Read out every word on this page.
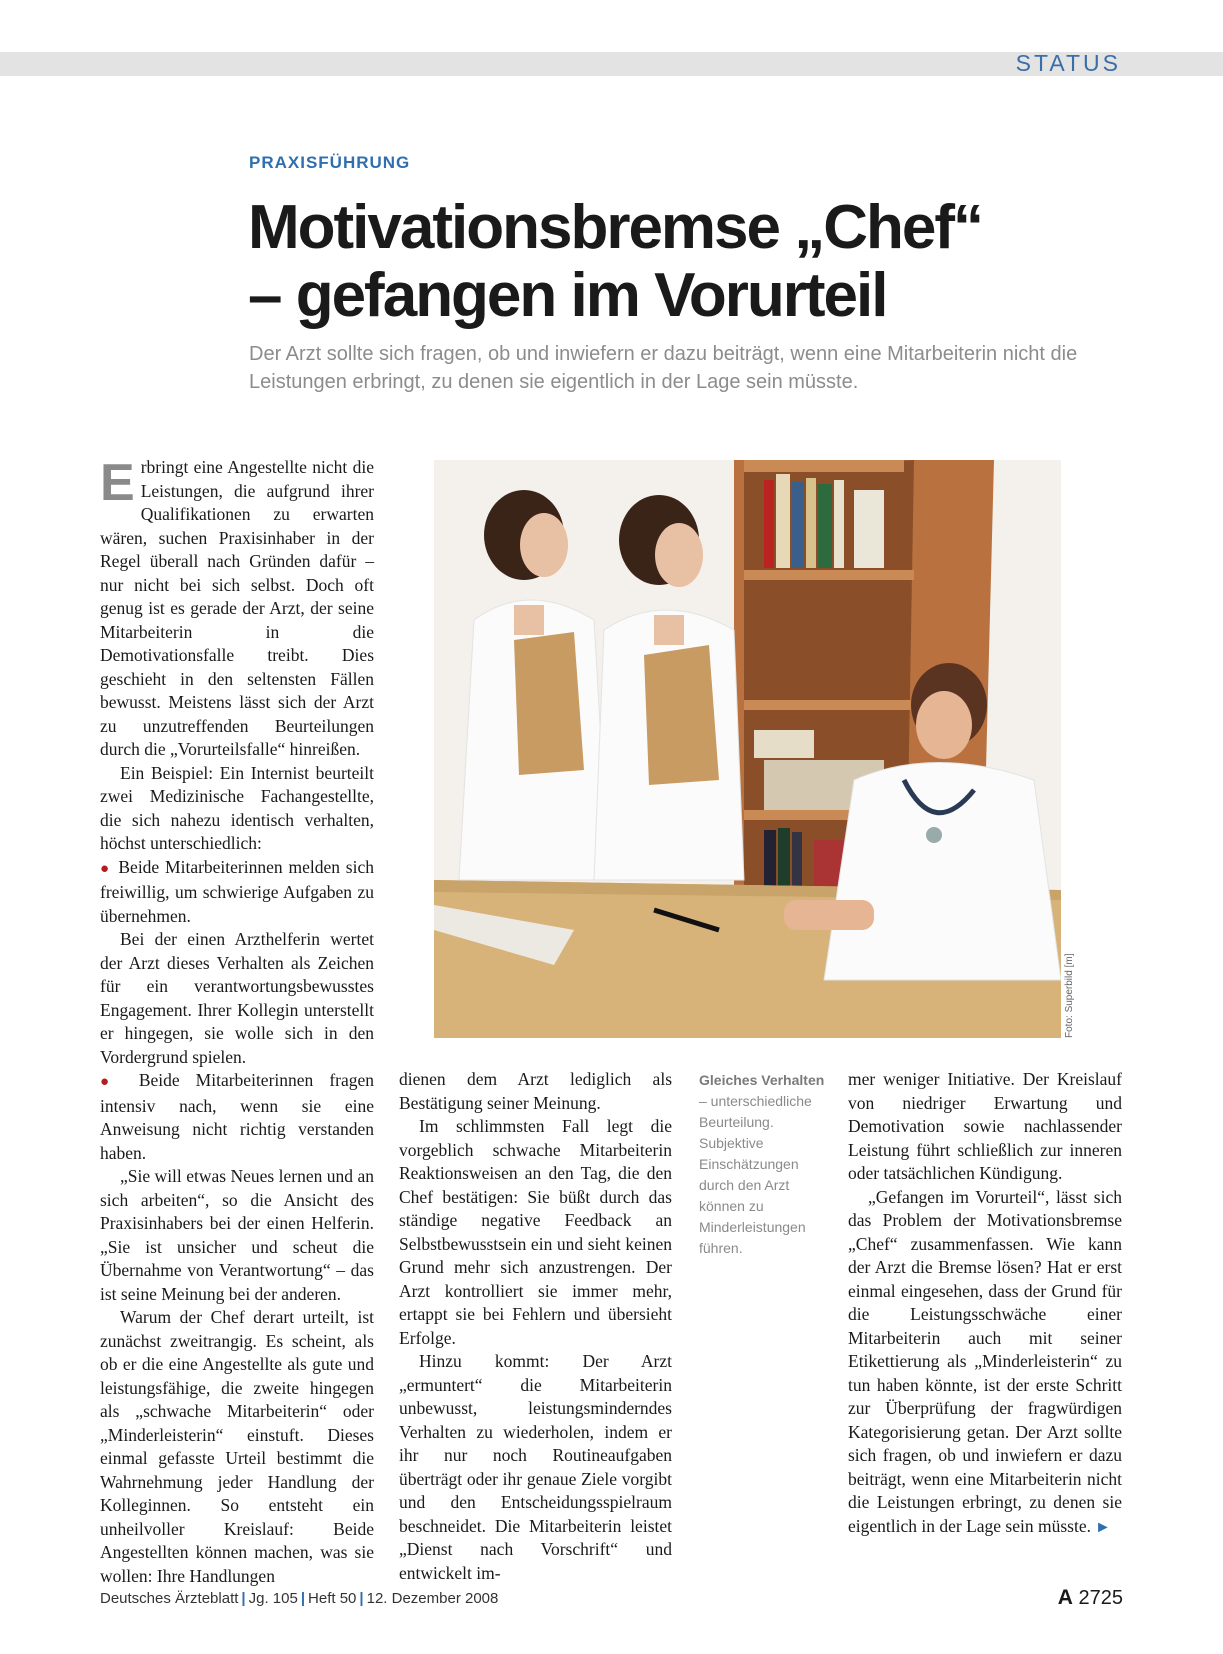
STATUS
PRAXISFÜHRUNG
Motivationsbremse „Chef“
– gefangen im Vorurteil
Der Arzt sollte sich fragen, ob und inwiefern er dazu beiträgt, wenn eine Mitarbeiterin nicht die Leistungen erbringt, zu denen sie eigentlich in der Lage sein müsste.

Erbringt eine Angestellte nicht die Leistungen, die aufgrund ihrer Qualifikationen zu erwarten wären, suchen Praxisinhaber in der Regel überall nach Gründen dafür – nur nicht bei sich selbst. Doch oft genug ist es gerade der Arzt, der seine Mitarbeiterin in die Demotivationsfalle treibt. Dies geschieht in den seltensten Fällen bewusst. Meistens lässt sich der Arzt zu unzutreffenden Beurteilungen durch die „Vorurteilsfalle“ hinreißen.

Ein Beispiel: Ein Internist beurteilt zwei Medizinische Fachangestellte, die sich nahezu identisch verhalten, höchst unterschiedlich:

● Beide Mitarbeiterinnen melden sich freiwillig, um schwierige Aufgaben zu übernehmen.

Bei der einen Arzthelferin wertet der Arzt dieses Verhalten als Zeichen für ein verantwortungsbewusstes Engagement. Ihrer Kollegin unterstellt er hingegen, sie wolle sich in den Vordergrund spielen.

● Beide Mitarbeiterinnen fragen intensiv nach, wenn sie eine Anweisung nicht richtig verstanden haben.

„Sie will etwas Neues lernen und an sich arbeiten“, so die Ansicht des Praxisinhabers bei der einen Helferin. „Sie ist unsicher und scheut die Übernahme von Verantwortung“ – das ist seine Meinung bei der anderen.

Warum der Chef derart urteilt, ist zunächst zweitrangig. Es scheint, als ob er die eine Angestellte als gute und leistungsfähige, die zweite hingegen als „schwache Mitarbeiterin“ oder „Minderleisterin“ einstuft. Dieses einmal gefasste Urteil bestimmt die Wahrnehmung jeder Handlung der Kolleginnen. So entsteht ein unheilvoller Kreislauf: Beide Angestellten können machen, was sie wollen: Ihre Handlungen

Foto: Superbild [m]

dienen dem Arzt lediglich als Bestätigung seiner Meinung.

Im schlimmsten Fall legt die vorgeblich schwache Mitarbeiterin Reaktionsweisen an den Tag, die den Chef bestätigen: Sie büßt durch das ständige negative Feedback an Selbstbewusstsein ein und sieht keinen Grund mehr sich anzustrengen. Der Arzt kontrolliert sie immer mehr, ertappt sie bei Fehlern und übersieht Erfolge.

Hinzu kommt: Der Arzt „ermuntert“ die Mitarbeiterin unbewusst, leistungsminderndes Verhalten zu wiederholen, indem er ihr nur noch Routineaufgaben überträgt oder ihr genaue Ziele vorgibt und den Entscheidungsspielraum beschneidet. Die Mitarbeiterin leistet „Dienst nach Vorschrift“ und entwickelt im-

Gleiches Verhalten – unterschiedliche Beurteilung. Subjektive Einschätzungen durch den Arzt können zu Minderleistungen führen.

mer weniger Initiative. Der Kreislauf von niedriger Erwartung und Demotivation sowie nachlassender Leistung führt schließlich zur inneren oder tatsächlichen Kündigung.

„Gefangen im Vorurteil“, lässt sich das Problem der Motivationsbremse „Chef“ zusammenfassen. Wie kann der Arzt die Bremse lösen? Hat er erst einmal eingesehen, dass der Grund für die Leistungsschwäche einer Mitarbeiterin auch mit seiner Etikettierung als „Minderleisterin“ zu tun haben könnte, ist der erste Schritt zur Überprüfung der fragwürdigen Kategorisierung getan. Der Arzt sollte sich fragen, ob und inwiefern er dazu beiträgt, wenn eine Mitarbeiterin nicht die Leistungen erbringt, zu denen sie eigentlich in der Lage sein müsste. ►

Deutsches Ärzteblatt | Jg. 105 | Heft 50 | 12. Dezember 2008	A 2725
